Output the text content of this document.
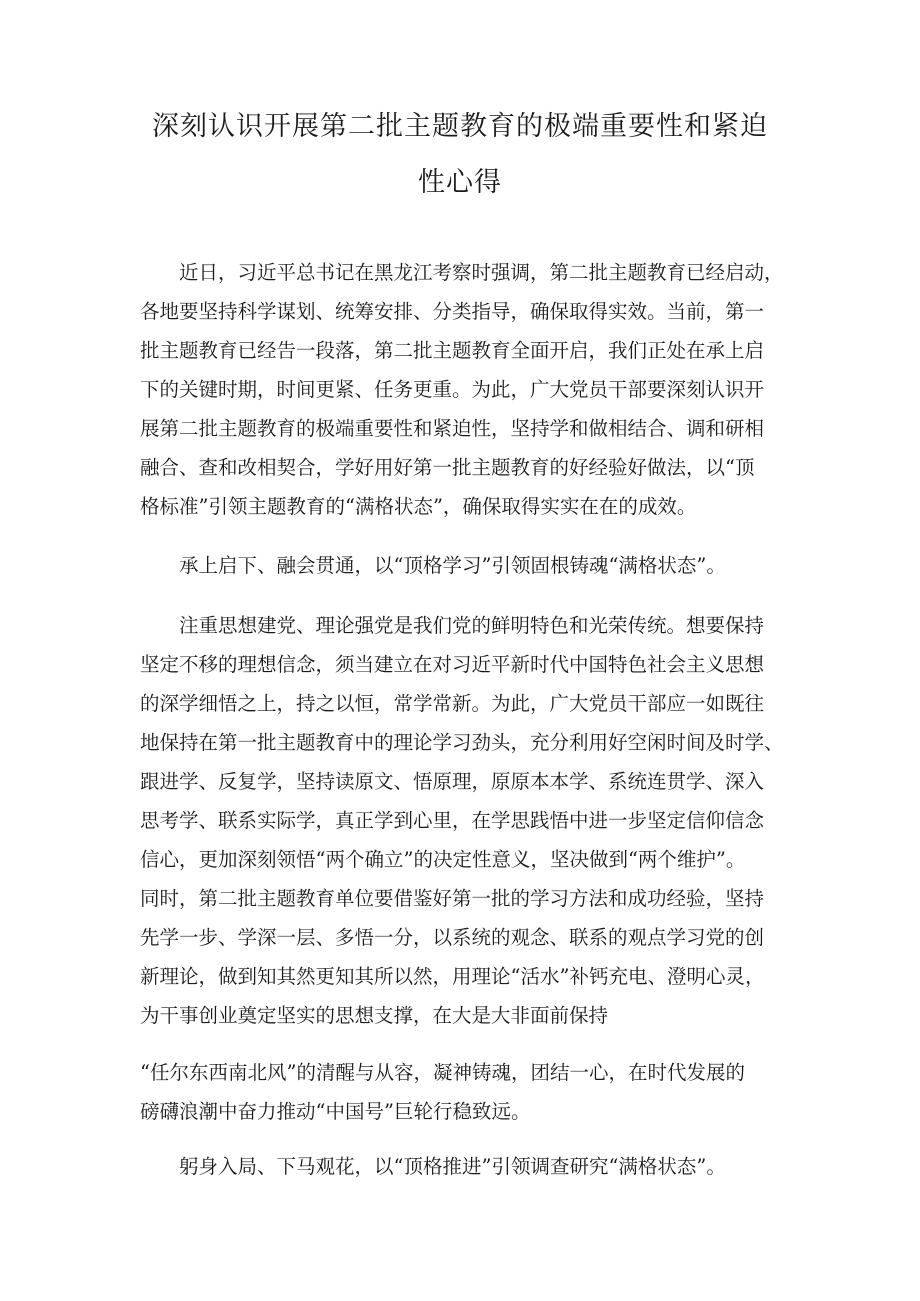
深刻认识开展第二批主题教育的极端重要性和紧迫
性心得
近日，习近平总书记在黑龙江考察时强调，第二批主题教育已经启动，
各地要坚持科学谋划、统筹安排、分类指导，确保取得实效。当前，第一
批主题教育已经告一段落，第二批主题教育全面开启，我们正处在承上启
下的关键时期，时间更紧、任务更重。为此，广大党员干部要深刻认识开
展第二批主题教育的极端重要性和紧迫性，坚持学和做相结合、调和研相
融合、查和改相契合，学好用好第一批主题教育的好经验好做法，以“顶
格标准”引领主题教育的“满格状态”，确保取得实实在在的成效。
承上启下、融会贯通，以“顶格学习”引领固根铸魂“满格状态”。
注重思想建党、理论强党是我们党的鲜明特色和光荣传统。想要保持
坚定不移的理想信念，须当建立在对习近平新时代中国特色社会主义思想
的深学细悟之上，持之以恒，常学常新。为此，广大党员干部应一如既往
地保持在第一批主题教育中的理论学习劲头，充分利用好空闲时间及时学、
跟进学、反复学，坚持读原文、悟原理，原原本本学、系统连贯学、深入
思考学、联系实际学，真正学到心里，在学思践悟中进一步坚定信仰信念
信心，更加深刻领悟“两个确立”的决定性意义，坚决做到“两个维护”。
同时，第二批主题教育单位要借鉴好第一批的学习方法和成功经验，坚持
先学一步、学深一层、多悟一分，以系统的观念、联系的观点学习党的创
新理论，做到知其然更知其所以然，用理论“活水”补钙充电、澄明心灵，
为干事创业奠定坚实的思想支撑，在大是大非面前保持
“任尔东西南北风”的清醒与从容，凝神铸魂，团结一心，在时代发展的
磅礴浪潮中奋力推动“中国号”巨轮行稳致远。
躬身入局、下马观花，以“顶格推进”引领调查研究“满格状态”。
